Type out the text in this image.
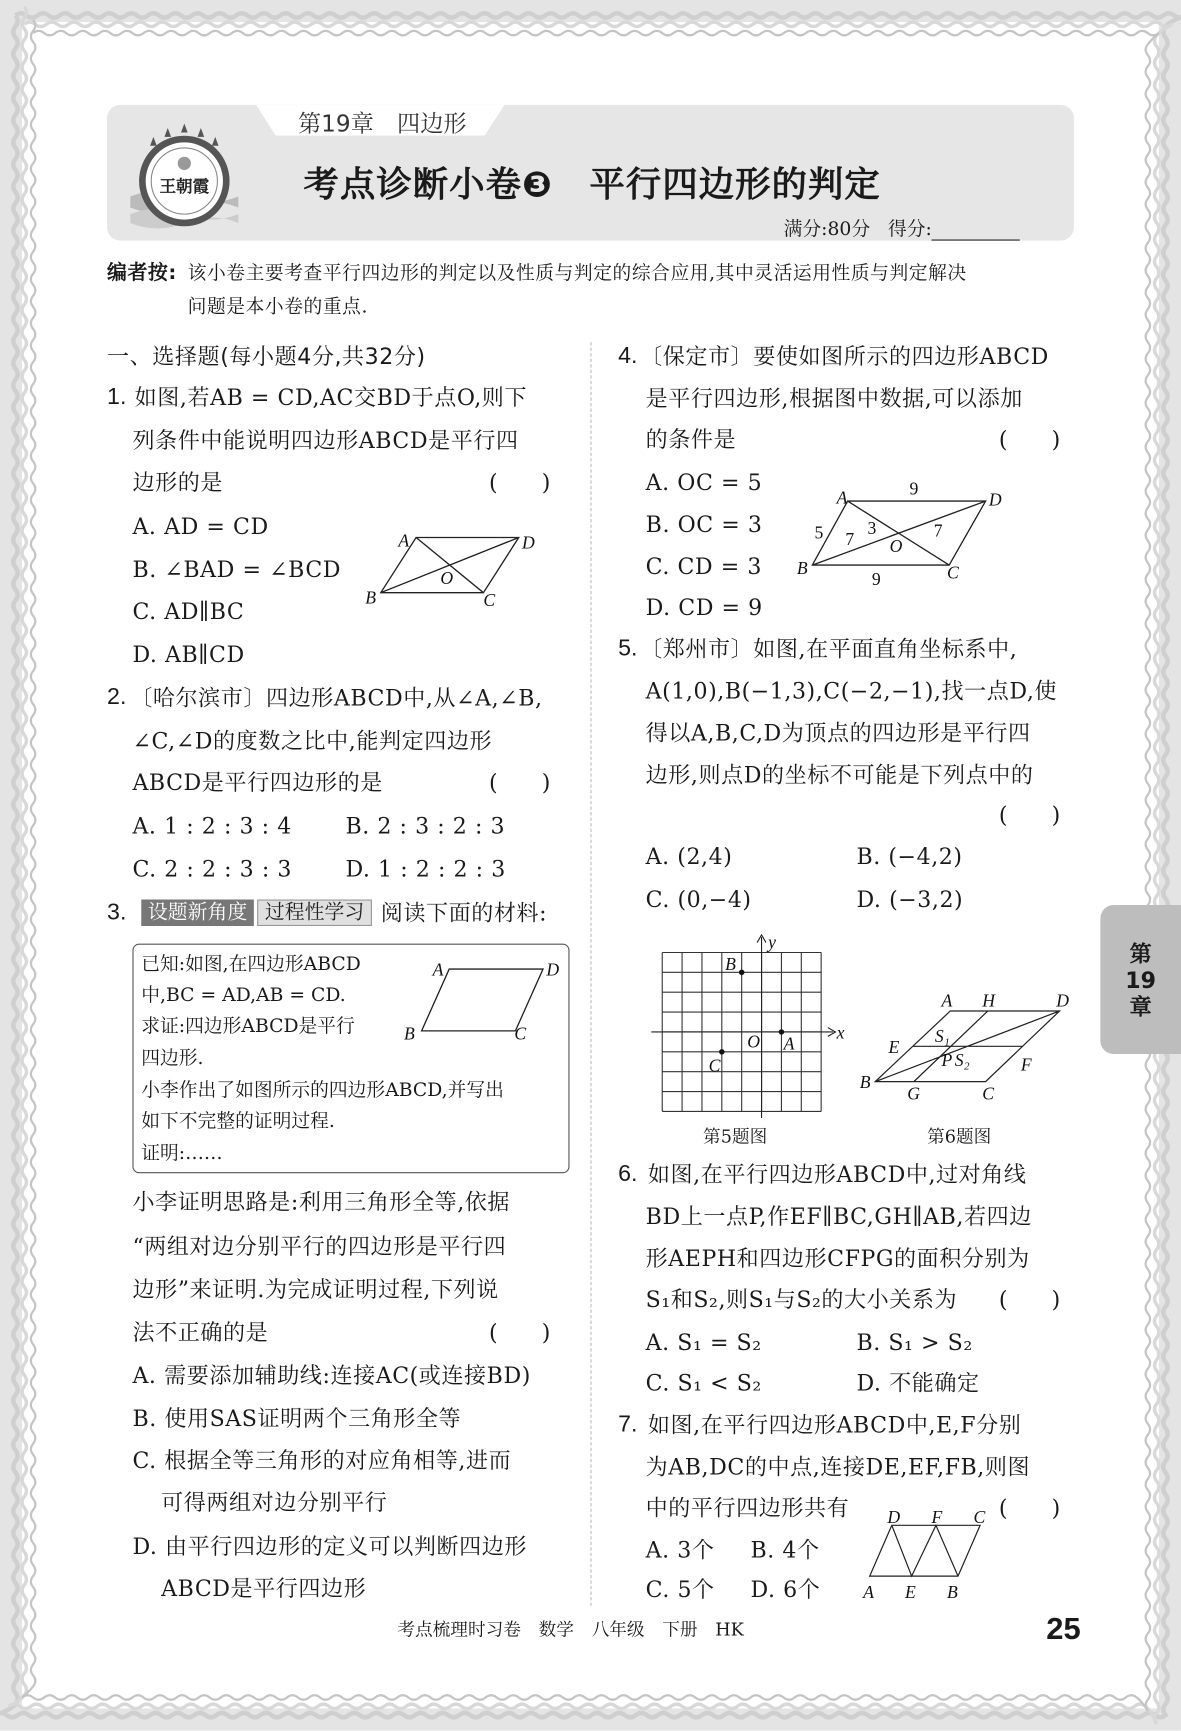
第19章　四边形
王朝霞	考点诊断小卷❸　平行四边形的判定
满分:80分 得分:
编者按: 该小卷主要考查平行四边形的判定以及性质与判定的综合应用,其中灵活运用性质与判定解决
问题是本小卷的重点.
一、选择题(每小题4分,共32分)
1. 如图,若AB = CD,AC交BD于点O,则下
列条件中能说明四边形ABCD是平行四
边形的是	(　　)
A. AD = CD
B. ∠BAD = ∠BCD
C. AD∥BC
D. AB∥CD
A	D
B	C
O
2. 〔哈尔滨市〕四边形ABCD中,从∠A,∠B,
∠C,∠D的度数之比中,能判定四边形
ABCD是平行四边形的是	(　　)
A. 1 : 2 : 3 : 4	B. 2 : 3 : 2 : 3
C. 2 : 2 : 3 : 3	D. 1 : 2 : 2 : 3
3.	设题新角度 过程性学习 阅读下面的材料:
已知:如图,在四边形ABCD
中,BC = AD,AB = CD.
求证:四边形ABCD是平行
四边形.
小李作出了如图所示的四边形ABCD,并写出
如下不完整的证明过程.
证明:……
A	D
B	C
小李证明思路是:利用三角形全等,依据
“两组对边分别平行的四边形是平行四
边形”来证明.为完成证明过程,下列说
法不正确的是	(　　)
A. 需要添加辅助线:连接AC(或连接BD)
B. 使用SAS证明两个三角形全等
C. 根据全等三角形的对应角相等,进而
可得两组对边分别平行
D. 由平行四边形的定义可以判断四边形
ABCD是平行四边形
4. 〔保定市〕要使如图所示的四边形ABCD
是平行四边形,根据图中数据,可以添加
的条件是	(　　)
A. OC = 5
B. OC = 3
C. CD = 3
D. CD = 9
A	D
B	C
O
9
9
5	3
7	7
5. 〔郑州市〕如图,在平面直角坐标系中,
A(1,0),B(−1,3),C(−2,−1),找一点D,使
得以A,B,C,D为顶点的四边形是平行四
边形,则点D的坐标不可能是下列点中的
(　　)
A. (2,4)	B. (−4,2)
C. (0,−4)	D. (−3,2)
A
B
C
O	x
y
第5题图
A H	D
E
F
B
G	C
P
S₁
S₂
第6题图
6. 如图,在平行四边形ABCD中,过对角线
BD上一点P,作EF∥BC,GH∥AB,若四边
形AEPH和四边形CFPG的面积分别为
S₁和S₂,则S₁与S₂的大小关系为 (　　)
A. S₁ = S₂	B. S₁ > S₂
C. S₁ < S₂	D. 不能确定
7. 如图,在平行四边形ABCD中,E,F分别
为AB,DC的中点,连接DE,EF,FB,则图
中的平行四边形共有	(　　)
A. 3个 B. 4个
C. 5个 D. 6个
D F C
A E B
第
19
章
考点梳理时习卷　数学　八年级　下册　HK	25
